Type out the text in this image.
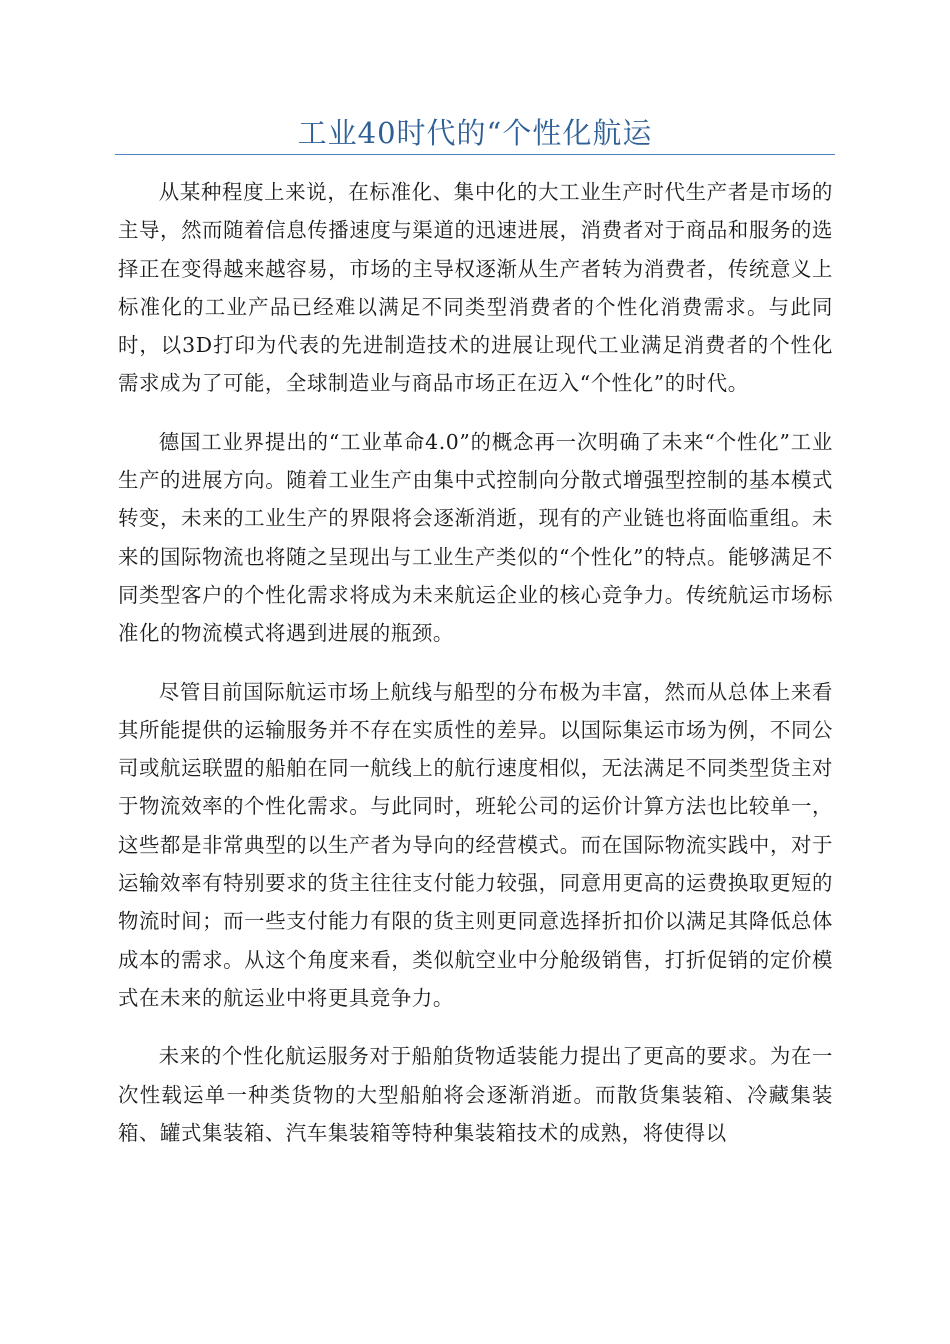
工业40时代的“个性化航运

从某种程度上来说，在标准化、集中化的大工业生产时代生产者是市场的主导，然而随着信息传播速度与渠道的迅速进展，消费者对于商品和服务的选择正在变得越来越容易，市场的主导权逐渐从生产者转为消费者，传统意义上标准化的工业产品已经难以满足不同类型消费者的个性化消费需求。与此同时，以3D打印为代表的先进制造技术的进展让现代工业满足消费者的个性化需求成为了可能，全球制造业与商品市场正在迈入“个性化”的时代。

德国工业界提出的“工业革命4.0”的概念再一次明确了未来“个性化”工业生产的进展方向。随着工业生产由集中式控制向分散式增强型控制的基本模式转变，未来的工业生产的界限将会逐渐消逝，现有的产业链也将面临重组。未来的国际物流也将随之呈现出与工业生产类似的“个性化”的特点。能够满足不同类型客户的个性化需求将成为未来航运企业的核心竞争力。传统航运市场标准化的物流模式将遇到进展的瓶颈。

尽管目前国际航运市场上航线与船型的分布极为丰富，然而从总体上来看其所能提供的运输服务并不存在实质性的差异。以国际集运市场为例，不同公司或航运联盟的船舶在同一航线上的航行速度相似，无法满足不同类型货主对于物流效率的个性化需求。与此同时，班轮公司的运价计算方法也比较单一，这些都是非常典型的以生产者为导向的经营模式。而在国际物流实践中，对于运输效率有特别要求的货主往往支付能力较强，同意用更高的运费换取更短的物流时间；而一些支付能力有限的货主则更同意选择折扣价以满足其降低总体成本的需求。从这个角度来看，类似航空业中分舱级销售，打折促销的定价模式在未来的航运业中将更具竞争力。

未来的个性化航运服务对于船舶货物适装能力提出了更高的要求。为在一次性载运单一种类货物的大型船舶将会逐渐消逝。而散货集装箱、冷藏集装箱、罐式集装箱、汽车集装箱等特种集装箱技术的成熟，将使得以
